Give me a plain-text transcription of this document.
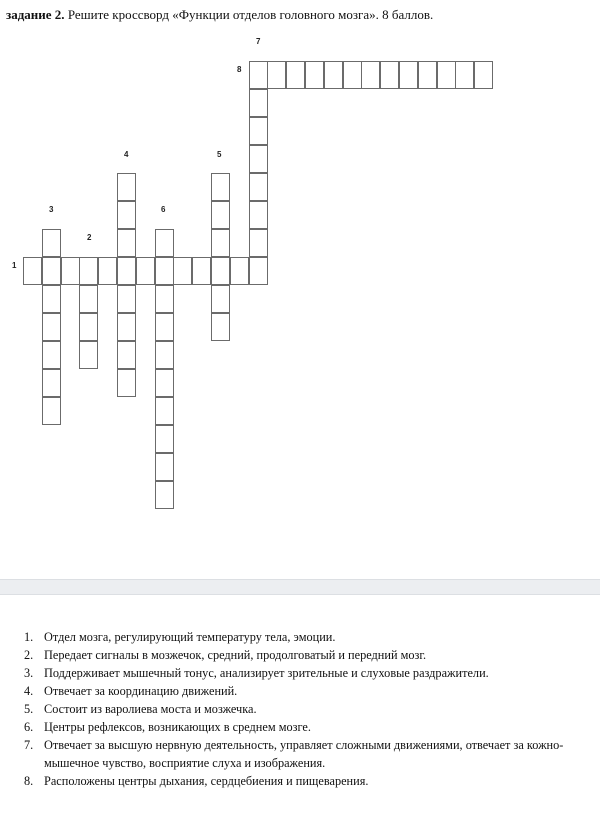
задание 2. Решите кроссворд «Функции отделов головного мозга». 8 баллов.
1
2
3
4	5
6
7
8
1. Отдел мозга, регулирующий температуру тела, эмоции.
2. Передает сигналы в мозжечок, средний, продолговатый и передний мозг.
3. Поддерживает мышечный тонус, анализирует зрительные и слуховые раздражители.
4. Отвечает за координацию движений.
5. Состоит из варолиева моста и мозжечка.
6. Центры рефлексов, возникающих в среднем мозге.
7. Отвечает за высшую нервную деятельность, управляет сложными движениями, отвечает за кожно-мышечное чувство, восприятие слуха и изображения.
8. Расположены центры дыхания, сердцебиения и пищеварения.
